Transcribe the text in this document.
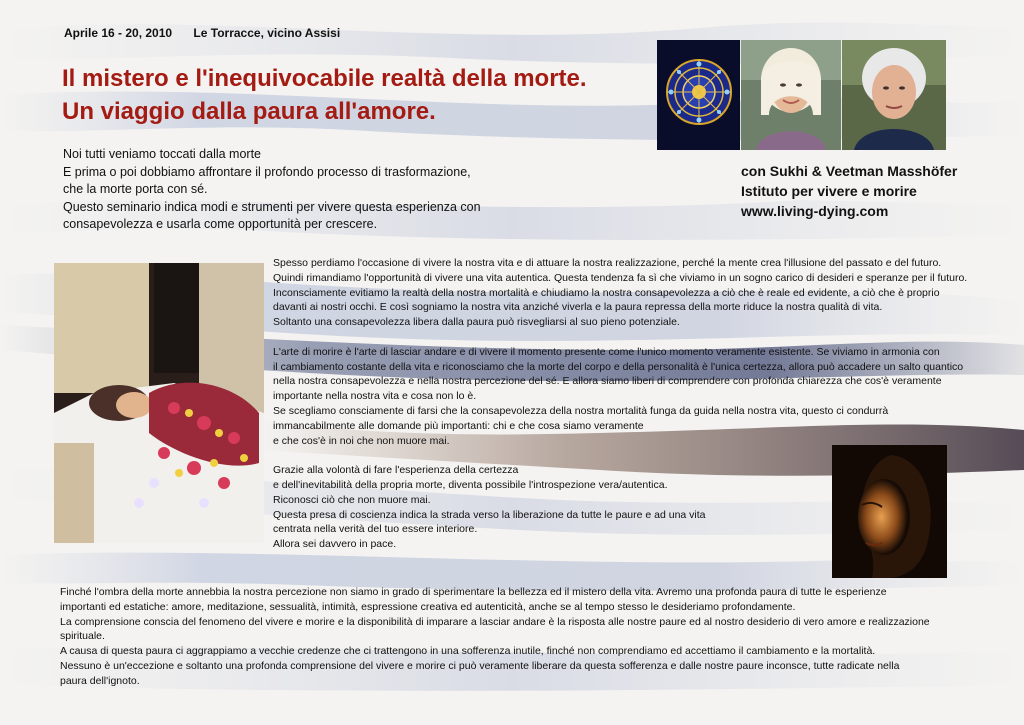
Aprile 16 - 20, 2010 Le Torracce, vicino Assisi
Il mistero e l'inequivocabile realtà della morte.
Un viaggio dalla paura all'amore.
Noi tutti veniamo toccati dalla morte
E prima o poi dobbiamo affrontare il profondo processo di trasformazione,
che la morte porta con sé.
Questo seminario indica modi e strumenti per vivere questa esperienza con
consapevolezza e usarla come opportunità per crescere.
con Sukhi & Veetman Masshöfer
Istituto per vivere e morire
www.living-dying.com
Spesso perdiamo l'occasione di vivere la nostra vita e di attuare la nostra realizzazione, perché la mente crea l'illusione del passato e del futuro.
Quindi rimandiamo l'opportunità di vivere una vita autentica. Questa tendenza fa sì che viviamo in un sogno carico di desideri e speranze per il futuro.
Inconsciamente evitiamo la realtà della nostra mortalità e chiudiamo la nostra consapevolezza a ciò che è reale ed evidente, a ciò che è proprio
davanti ai nostri occhi. E così sogniamo la nostra vita anziché viverla e la paura repressa della morte riduce la nostra qualità di vita.
Soltanto una consapevolezza libera dalla paura può risvegliarsi al suo pieno potenziale.
L'arte di morire è l'arte di lasciar andare e di vivere il momento presente come l'unico momento veramente esistente. Se viviamo in armonia con
il cambiamento costante della vita e riconosciamo che la morte del corpo e della personalità è l'unica certezza, allora può accadere un salto quantico
nella nostra consapevolezza e nella nostra percezione del sé. E allora siamo liberi di comprendere con profonda chiarezza che cos'è veramente
importante nella nostra vita e cosa non lo è.
Se scegliamo consciamente di farsi che la consapevolezza della nostra mortalità funga da guida nella nostra vita, questo ci condurrà
immancabilmente alle domande più importanti: chi e che cosa siamo veramente
e che cos'è in noi che non muore mai.
Grazie alla volontà di fare l'esperienza della certezza
e dell'inevitabilità della propria morte, diventa possibile l'introspezione vera/autentica.
Riconosci ciò che non muore mai.
Questa presa di coscienza indica la strada verso la liberazione da tutte le paure e ad una vita
centrata nella verità del tuo essere interiore.
Allora sei davvero in pace.
Finché l'ombra della morte annebbia la nostra percezione non siamo in grado di sperimentare la bellezza ed il mistero della vita. Avremo una profonda paura di tutte le esperienze
importanti ed estatiche: amore, meditazione, sessualità, intimità, espressione creativa ed autenticità, anche se al tempo stesso le desideriamo profondamente.
La comprensione conscia del fenomeno del vivere e morire e la disponibilità di imparare a lasciar andare è la risposta alle nostre paure ed al nostro desiderio di vero amore e realizzazione
spirituale.
A causa di questa paura ci aggrappiamo a vecchie credenze che ci trattengono in una sofferenza inutile, finché non comprendiamo ed accettiamo il cambiamento e la mortalità.
Nessuno è un'eccezione e soltanto una profonda comprensione del vivere e morire ci può veramente liberare da questa sofferenza e dalle nostre paure inconsce, tutte radicate nella
paura dell'ignoto.
